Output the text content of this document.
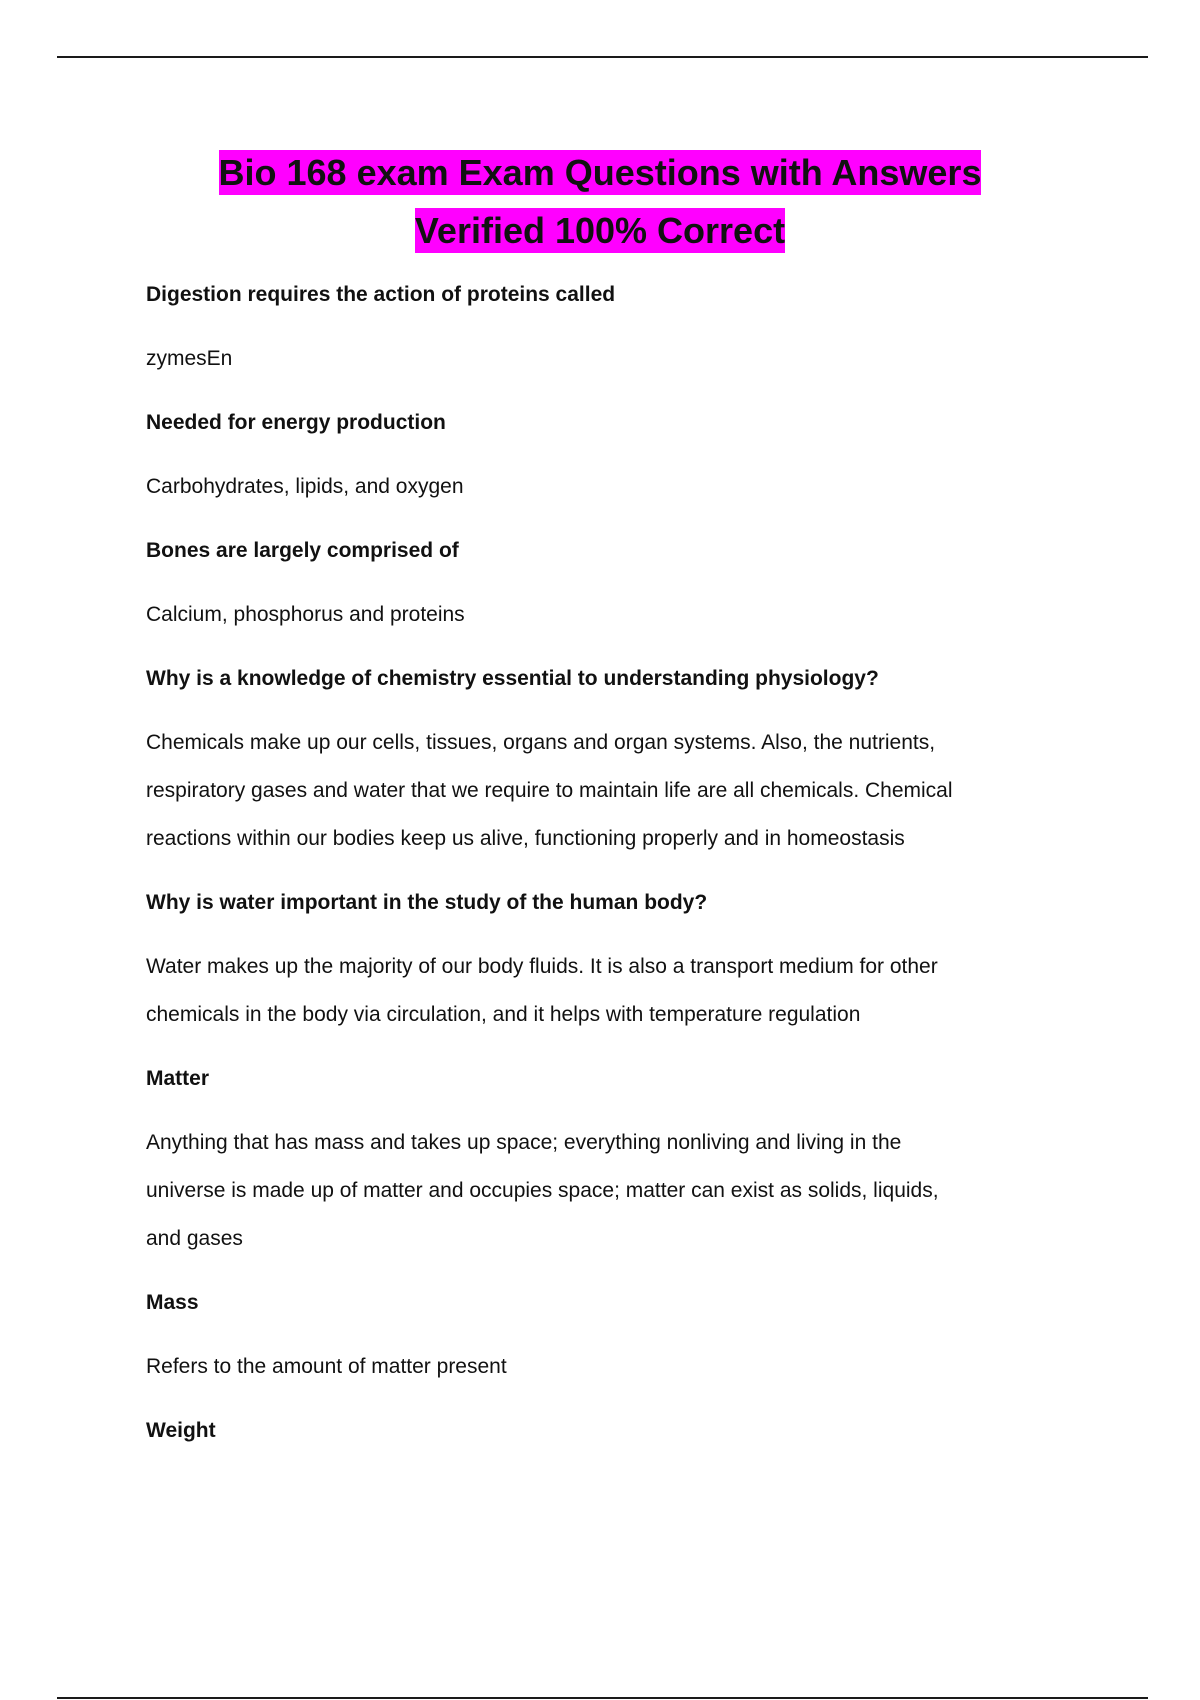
Bio 168 exam Exam Questions with Answers
Verified 100% Correct
Digestion requires the action of proteins called
zymesEn
Needed for energy production
Carbohydrates, lipids, and oxygen
Bones are largely comprised of
Calcium, phosphorus and proteins
Why is a knowledge of chemistry essential to understanding physiology?
Chemicals make up our cells, tissues, organs and organ systems. Also, the nutrients,
respiratory gases and water that we require to maintain life are all chemicals. Chemical
reactions within our bodies keep us alive, functioning properly and in homeostasis
Why is water important in the study of the human body?
Water makes up the majority of our body fluids. It is also a transport medium for other
chemicals in the body via circulation, and it helps with temperature regulation
Matter
Anything that has mass and takes up space; everything nonliving and living in the
universe is made up of matter and occupies space; matter can exist as solids, liquids,
and gases
Mass
Refers to the amount of matter present
Weight
